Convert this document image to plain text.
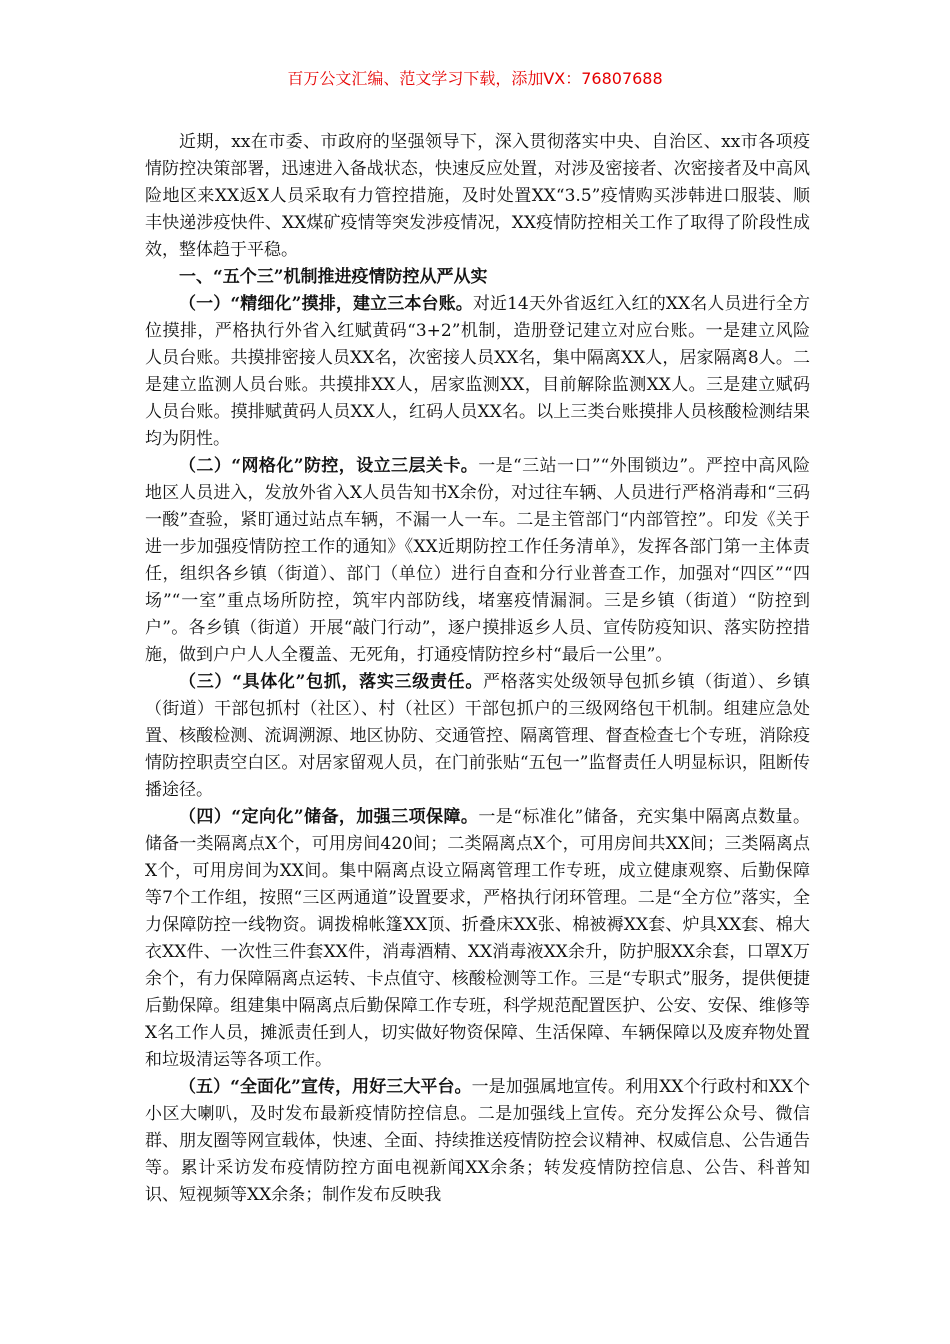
百万公文汇编、范文学习下载，添加VX：76807688

近期，xx在市委、市政府的坚强领导下，深入贯彻落实中央、自治区、xx市各项疫情防控决策部署，迅速进入备战状态，快速反应处置，对涉及密接者、次密接者及中高风险地区来XX返X人员采取有力管控措施，及时处置XX“3.5”疫情购买涉韩进口服装、顺丰快递涉疫快件、XX煤矿疫情等突发涉疫情况，XX疫情防控相关工作了取得了阶段性成效，整体趋于平稳。

一、“五个三”机制推进疫情防控从严从实

（一）“精细化”摸排，建立三本台账。对近14天外省返红入红的XX名人员进行全方位摸排，严格执行外省入红赋黄码“3+2”机制，造册登记建立对应台账。一是建立风险人员台账。共摸排密接人员XX名，次密接人员XX名，集中隔离XX人，居家隔离8人。二是建立监测人员台账。共摸排XX人，居家监测XX，目前解除监测XX人。三是建立赋码人员台账。摸排赋黄码人员XX人，红码人员XX名。以上三类台账摸排人员核酸检测结果均为阴性。

（二）“网格化”防控，设立三层关卡。一是“三站一口”“外围锁边”。严控中高风险地区人员进入，发放外省入X人员告知书X余份，对过往车辆、人员进行严格消毒和“三码一酸”查验，紧盯通过站点车辆，不漏一人一车。二是主管部门“内部管控”。印发《关于进一步加强疫情防控工作的通知》《XX近期防控工作任务清单》，发挥各部门第一主体责任，组织各乡镇（街道）、部门（单位）进行自查和分行业普查工作，加强对“四区”“四场”“一室”重点场所防控，筑牢内部防线，堵塞疫情漏洞。三是乡镇（街道）“防控到户”。各乡镇（街道）开展“敲门行动”，逐户摸排返乡人员、宣传防疫知识、落实防控措施，做到户户人人全覆盖、无死角，打通疫情防控乡村“最后一公里”。

（三）“具体化”包抓，落实三级责任。严格落实处级领导包抓乡镇（街道）、乡镇（街道）干部包抓村（社区）、村（社区）干部包抓户的三级网络包干机制。组建应急处置、核酸检测、流调溯源、地区协防、交通管控、隔离管理、督查检查七个专班，消除疫情防控职责空白区。对居家留观人员，在门前张贴“五包一”监督责任人明显标识，阻断传播途径。

（四）“定向化”储备，加强三项保障。一是“标准化”储备，充实集中隔离点数量。储备一类隔离点X个，可用房间420间；二类隔离点X个，可用房间共XX间；三类隔离点X个，可用房间为XX间。集中隔离点设立隔离管理工作专班，成立健康观察、后勤保障等7个工作组，按照“三区两通道”设置要求，严格执行闭环管理。二是“全方位”落实，全力保障防控一线物资。调拨棉帐篷XX顶、折叠床XX张、棉被褥XX套、炉具XX套、棉大衣XX件、一次性三件套XX件，消毒酒精、XX消毒液XX余升，防护服XX余套，口罩X万余个，有力保障隔离点运转、卡点值守、核酸检测等工作。三是“专职式”服务，提供便捷后勤保障。组建集中隔离点后勤保障工作专班，科学规范配置医护、公安、安保、维修等X名工作人员，摊派责任到人，切实做好物资保障、生活保障、车辆保障以及废弃物处置和垃圾清运等各项工作。

（五）“全面化”宣传，用好三大平台。一是加强属地宣传。利用XX个行政村和XX个小区大喇叭，及时发布最新疫情防控信息。二是加强线上宣传。充分发挥公众号、微信群、朋友圈等网宣载体，快速、全面、持续推送疫情防控会议精神、权威信息、公告通告等。累计采访发布疫情防控方面电视新闻XX余条；转发疫情防控信息、公告、科普知识、短视频等XX余条；制作发布反映我
